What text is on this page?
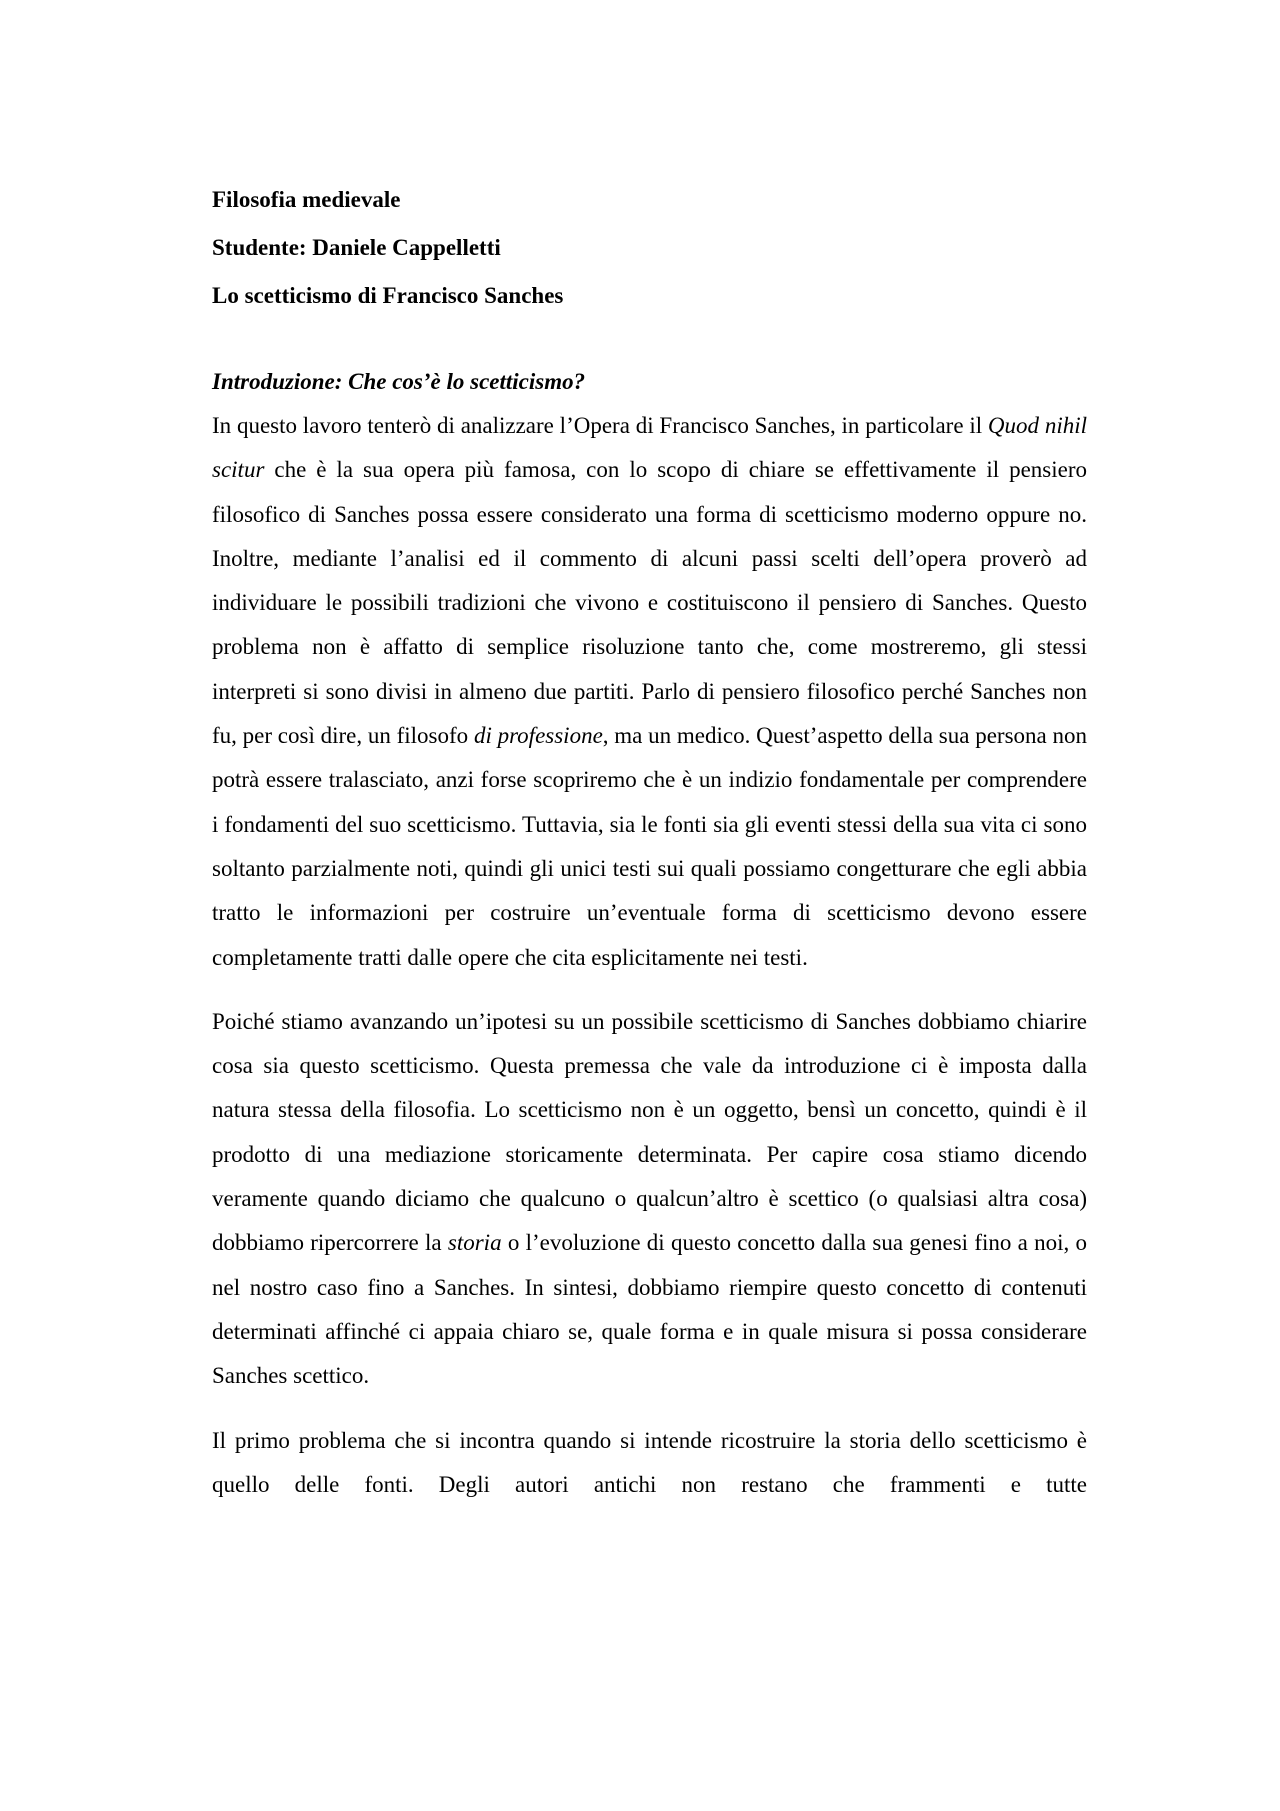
Filosofia medievale

Studente: Daniele Cappelletti

Lo scetticismo di Francisco Sanches

Introduzione: Che cos’è lo scetticismo?

In questo lavoro tenterò di analizzare l’Opera di Francisco Sanches, in particolare il Quod nihil scitur che è la sua opera più famosa, con lo scopo di chiare se effettivamente il pensiero filosofico di Sanches possa essere considerato una forma di scetticismo moderno oppure no. Inoltre, mediante l’analisi ed il commento di alcuni passi scelti dell’opera proverò ad individuare le possibili tradizioni che vivono e costituiscono il pensiero di Sanches. Questo problema non è affatto di semplice risoluzione tanto che, come mostreremo, gli stessi interpreti si sono divisi in almeno due partiti. Parlo di pensiero filosofico perché Sanches non fu, per così dire, un filosofo di professione, ma un medico. Quest’aspetto della sua persona non potrà essere tralasciato, anzi forse scopriremo che è un indizio fondamentale per comprendere i fondamenti del suo scetticismo. Tuttavia, sia le fonti sia gli eventi stessi della sua vita ci sono soltanto parzialmente noti, quindi gli unici testi sui quali possiamo congetturare che egli abbia tratto le informazioni per costruire un’eventuale forma di scetticismo devono essere completamente tratti dalle opere che cita esplicitamente nei testi.

Poiché stiamo avanzando un’ipotesi su un possibile scetticismo di Sanches dobbiamo chiarire cosa sia questo scetticismo. Questa premessa che vale da introduzione ci è imposta dalla natura stessa della filosofia. Lo scetticismo non è un oggetto, bensì un concetto, quindi è il prodotto di una mediazione storicamente determinata. Per capire cosa stiamo dicendo veramente quando diciamo che qualcuno o qualcun’altro è scettico (o qualsiasi altra cosa) dobbiamo ripercorrere la storia o l’evoluzione di questo concetto dalla sua genesi fino a noi, o nel nostro caso fino a Sanches. In sintesi, dobbiamo riempire questo concetto di contenuti determinati affinché ci appaia chiaro se, quale forma e in quale misura si possa considerare Sanches scettico.

Il primo problema che si incontra quando si intende ricostruire la storia dello scetticismo è quello delle fonti. Degli autori antichi non restano che frammenti e tutte
